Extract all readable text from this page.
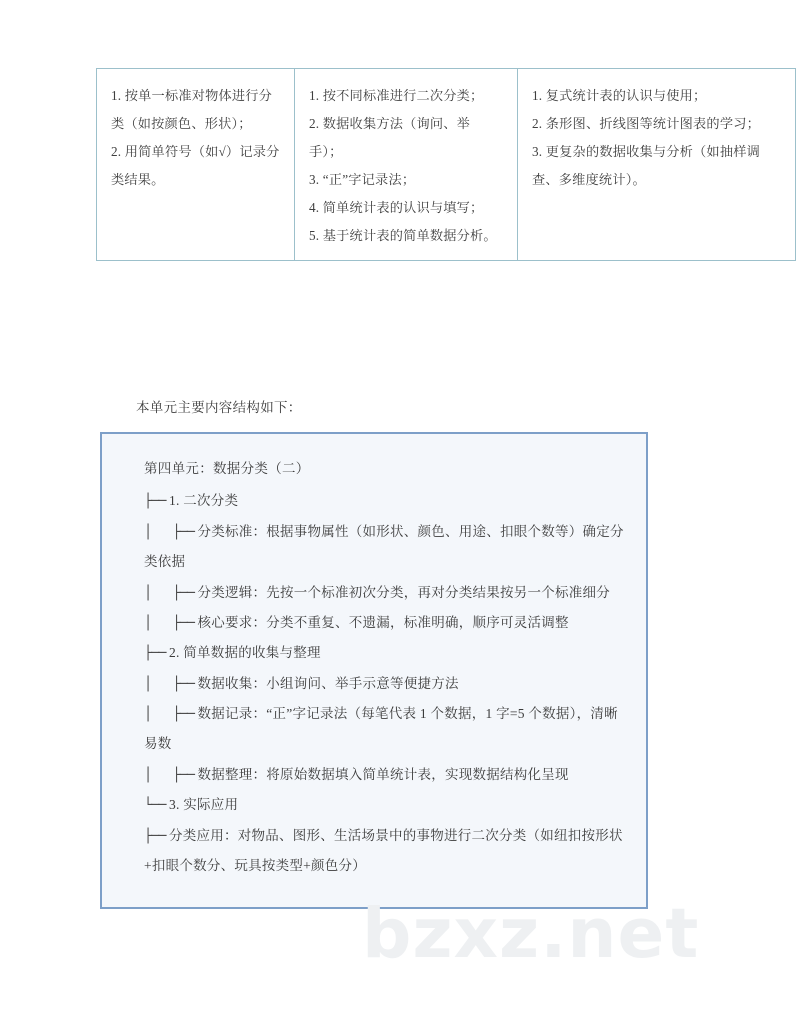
1. 按单一标准对物体进行分类（如按颜色、形状）；
2. 用简单符号（如√）记录分类结果。

1. 按不同标准进行二次分类；
2. 数据收集方法（询问、举手）；
3. “正”字记录法；
4. 简单统计表的认识与填写；
5. 基于统计表的简单数据分析。

1. 复式统计表的认识与使用；
2. 条形图、折线图等统计图表的学习；
3. 更复杂的数据收集与分析（如抽样调查、多维度统计）。
本单元主要内容结构如下：
第四单元：数据分类（二）
├── 1. 二次分类
│   ├── 分类标准：根据事物属性（如形状、颜色、用途、扣眼个数等）确定分类依据
│   ├── 分类逻辑：先按一个标准初次分类，再对分类结果按另一个标准细分
│   ├── 核心要求：分类不重复、不遗漏，标准明确，顺序可灵活调整
├── 2. 简单数据的收集与整理
│   ├── 数据收集：小组询问、举手示意等便捷方法
│   ├── 数据记录：“正”字记录法（每笔代表 1 个数据，1 字=5 个数据），清晰易数
│   ├── 数据整理：将原始数据填入简单统计表，实现数据结构化呈现
└── 3. 实际应用
├── 分类应用：对物品、图形、生活场景中的事物进行二次分类（如纽扣按形状+扣眼个数分、玩具按类型+颜色分）
bzxz.net
